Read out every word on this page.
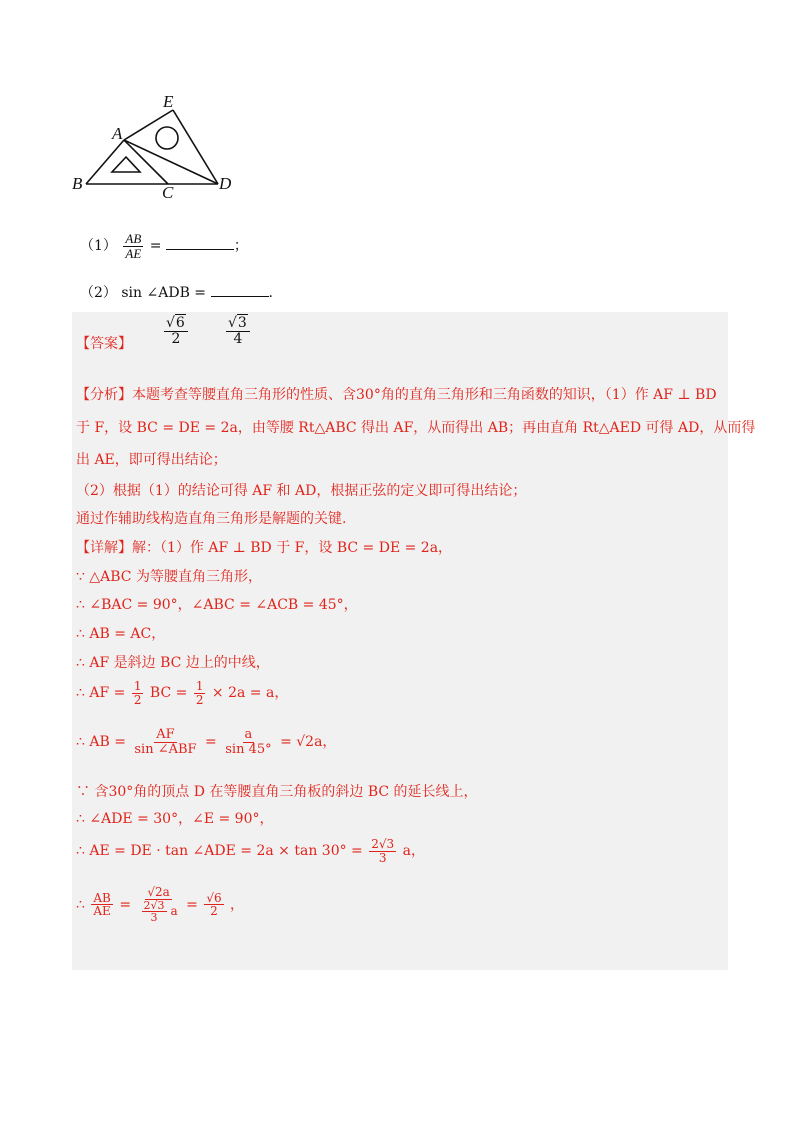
E
A
B	C	D
$(1) \frac{AB}{AE}$ =	；
（2） sin ∠ADB =	.
【答案】 $\frac{√6}{2}$	$\frac{√3}{4}$
【分析】本题考查等腰直角三角形的性质、含30°角的直角三角形和三角函数的知识，（1）作 AF ⊥ BD
于 F，设 BC = DE = 2a，由等腰 Rt△ABC 得出 AF，从而得出 AB；再由直角 Rt△AED 可得 AD，从而得
出 AE，即可得出结论；
（2）根据（1）的结论可得 AF 和 AD，根据正弦的定义即可得出结论；
通过作辅助线构造直角三角形是解题的关键.
【详解】解：（1）作 AF ⊥ BD 于 F，设 BC = DE = 2a，
∵ △ABC 为等腰直角三角形，
∴ ∠BAC = 90°，∠ABC = ∠ACB = 45°，
∴ AB = AC，
∴ AF 是斜边 BC 边上的中线，
∴ AF = $\frac{1}{2}$ BC = $\frac{1}{2} \times 2a = a$，
∴ AB = $\frac{AF}{\text{sin ∠ABF}} = \frac{a}{\sin 45^\circ} = √2a$，
∵ 含30°角的顶点 D 在等腰直角三角板的斜边 BC 的延长线上，
∴ ∠ADE = 30°，∠E = 90°，
∴ AE = DE · tan ∠ADE = $2a \times \tan 30^\circ = \frac{2√3}{3}$ a，
∴ $\frac{AB}{AE} = \frac{√2a}{\frac{2√3}{3} a} = \frac{√6}{2}$ ，
